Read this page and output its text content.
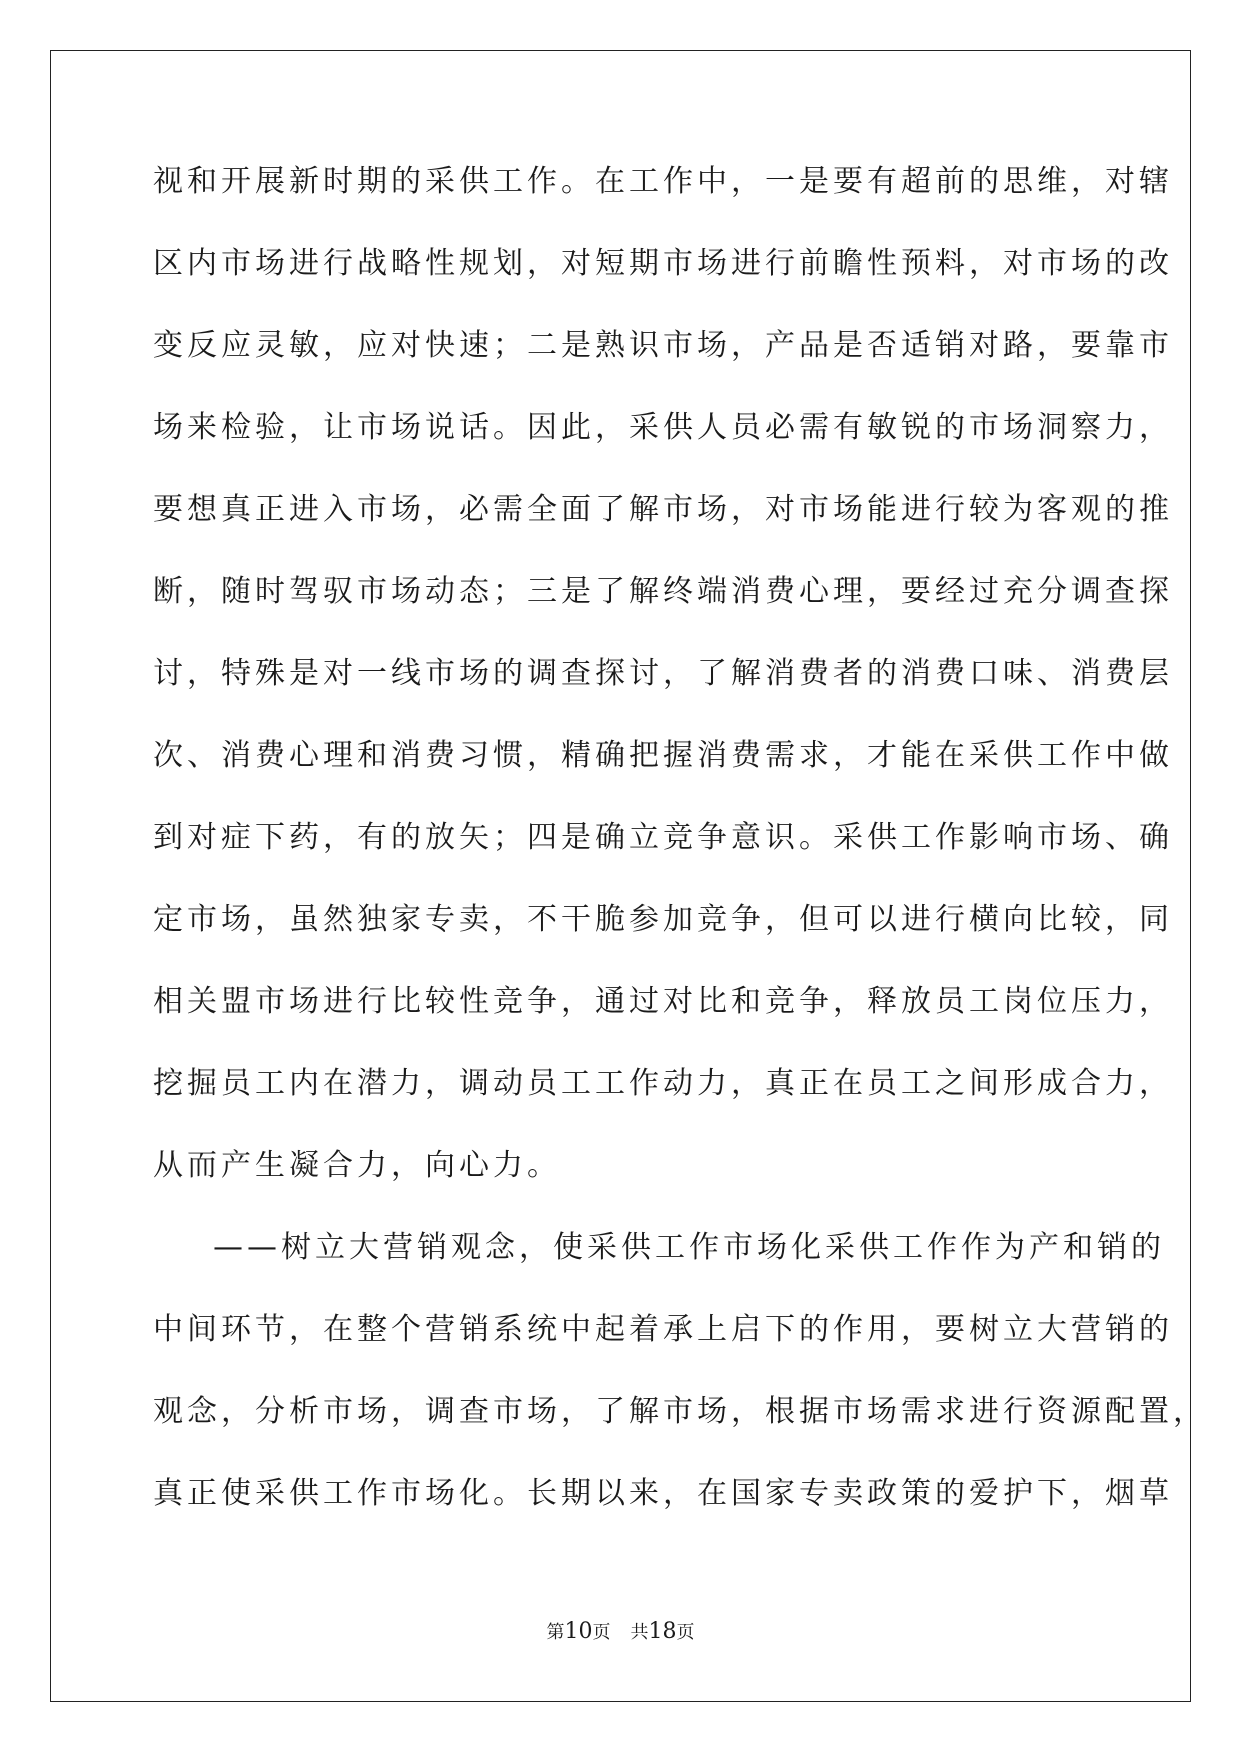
视和开展新时期的采供工作。在工作中，一是要有超前的思维，对辖
区内市场进行战略性规划，对短期市场进行前瞻性预料，对市场的改
变反应灵敏，应对快速；二是熟识市场，产品是否适销对路，要靠市
场来检验，让市场说话。因此，采供人员必需有敏锐的市场洞察力，
要想真正进入市场，必需全面了解市场，对市场能进行较为客观的推
断，随时驾驭市场动态；三是了解终端消费心理，要经过充分调查探
讨，特殊是对一线市场的调查探讨，了解消费者的消费口味、消费层
次、消费心理和消费习惯，精确把握消费需求，才能在采供工作中做
到对症下药，有的放矢；四是确立竞争意识。采供工作影响市场、确
定市场，虽然独家专卖，不干脆参加竞争，但可以进行横向比较，同
相关盟市场进行比较性竞争，通过对比和竞争，释放员工岗位压力，
挖掘员工内在潜力，调动员工工作动力，真正在员工之间形成合力，
从而产生凝合力，向心力。
——树立大营销观念，使采供工作市场化采供工作作为产和销的
中间环节，在整个营销系统中起着承上启下的作用，要树立大营销的
观念，分析市场，调查市场，了解市场，根据市场需求进行资源配置，
真正使采供工作市场化。长期以来，在国家专卖政策的爱护下，烟草
第10页 共18页
